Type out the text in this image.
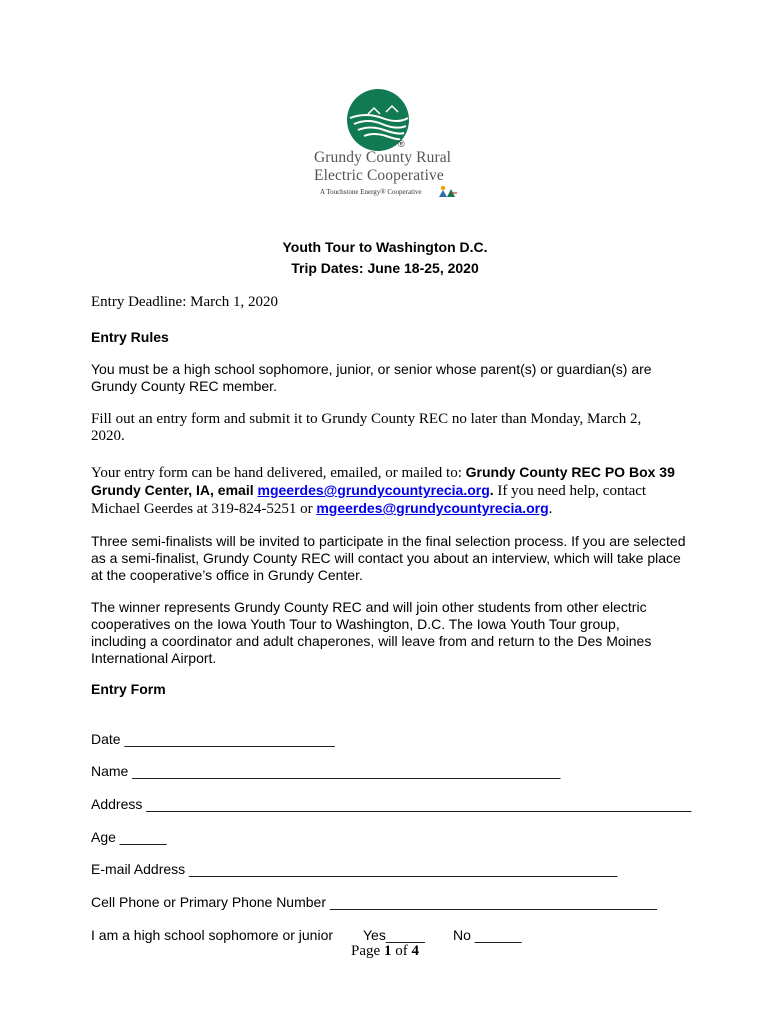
®
Grundy County Rural
Electric Cooperative
A Touchstone Energy® Cooperative
Youth Tour to Washington D.C.
Trip Dates: June 18-25, 2020
Entry Deadline: March 1, 2020
Entry Rules
You must be a high school sophomore, junior, or senior whose parent(s) or guardian(s) are Grundy County REC member.
Fill out an entry form and submit it to Grundy County REC no later than Monday, March 2, 2020.
Your entry form can be hand delivered, emailed, or mailed to: Grundy County REC PO Box 39 Grundy Center, IA, email mgeerdes@grundycountyrecia.org. If you need help, contact Michael Geerdes at 319-824-5251 or mgeerdes@grundycountyrecia.org.
Three semi-finalists will be invited to participate in the final selection process. If you are selected as a semi-finalist, Grundy County REC will contact you about an interview, which will take place at the cooperative’s office in Grundy Center.
The winner represents Grundy County REC and will join other students from other electric cooperatives on the Iowa Youth Tour to Washington, D.C. The Iowa Youth Tour group, including a coordinator and adult chaperones, will leave from and return to the Des Moines International Airport.
Entry Form
Date ___________________________
Name _______________________________________________________
Address ______________________________________________________________________
Age ______
E-mail Address _______________________________________________________
Cell Phone or Primary Phone Number __________________________________________
I am a high school sophomore or junior Yes_____ No ______
Page 1 of 4
